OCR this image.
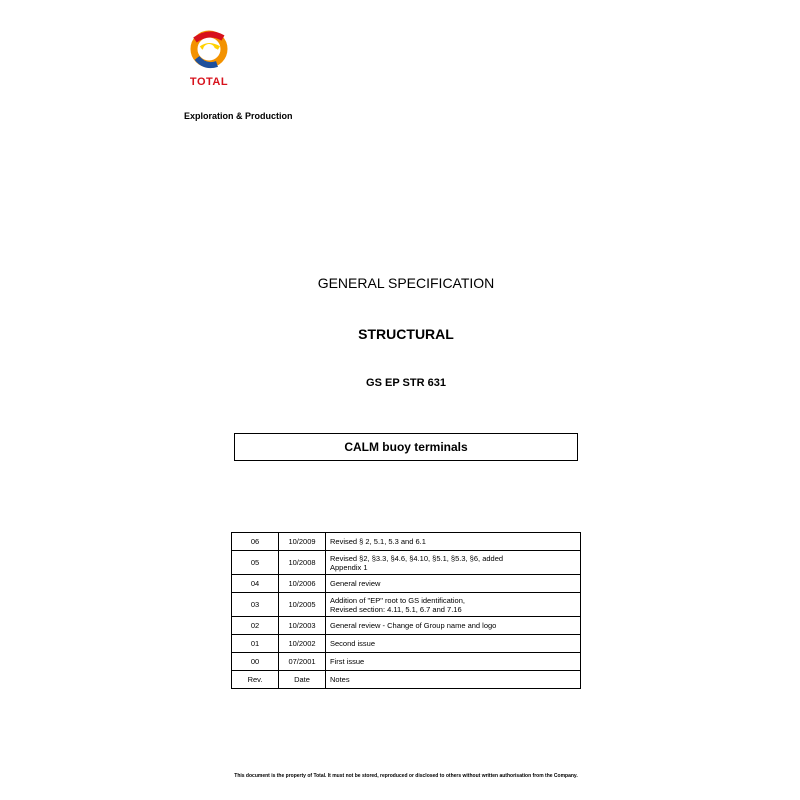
TOTAL
Exploration & Production
GENERAL SPECIFICATION
STRUCTURAL
GS EP STR 631
CALM buoy terminals
06	10/2009	Revised § 2, 5.1, 5.3 and 6.1

05	10/2008	Revised §2, §3.3, §4.6, §4.10, §5.1, §5.3, §6, added
Appendix 1

04	10/2006	General review

03	10/2005	Addition of "EP" root to GS identification,
Revised section: 4.11, 5.1, 6.7 and 7.16

02	10/2003	General review - Change of Group name and logo

01	10/2002	Second issue

00	07/2001	First issue

Rev.	Date	Notes
This document is the property of Total. It must not be stored, reproduced or disclosed to others without written authorisation from the Company.
